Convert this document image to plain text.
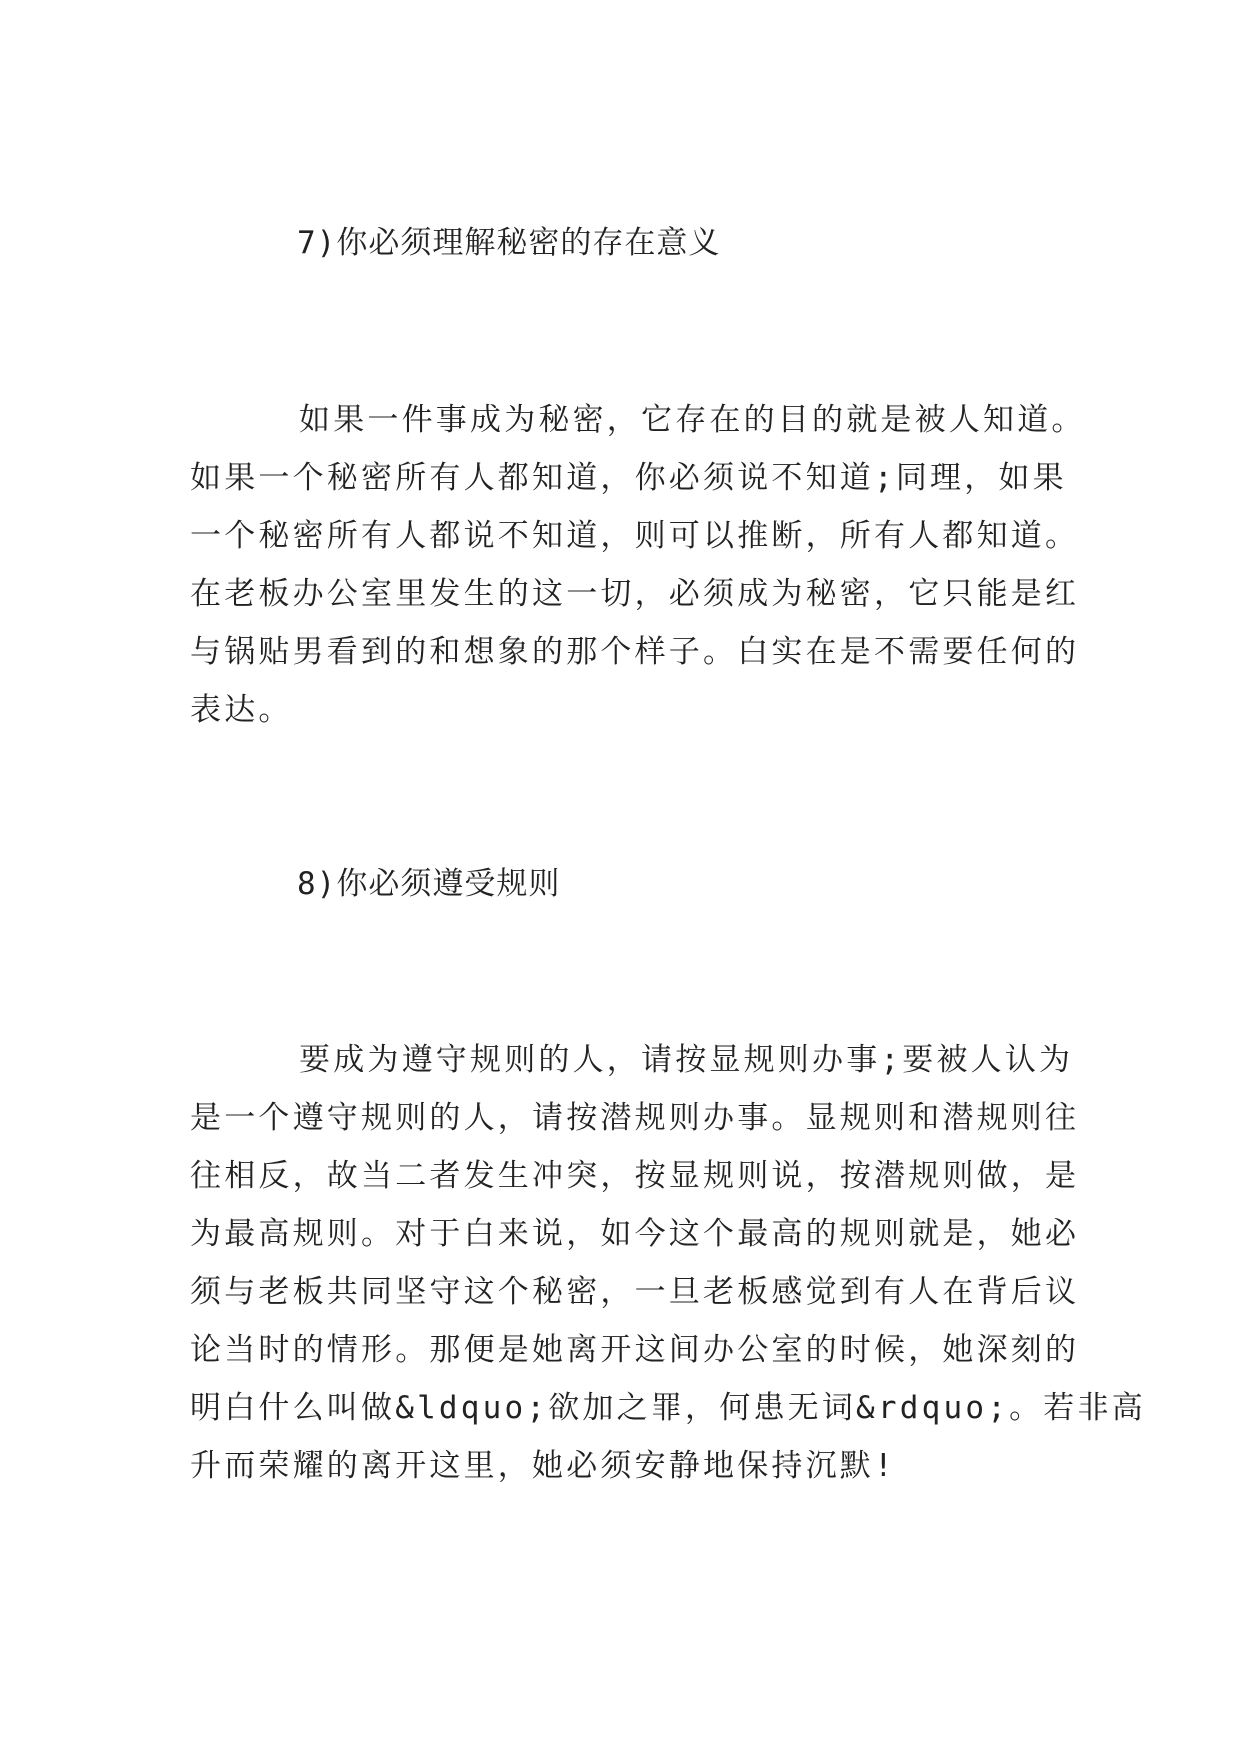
7)你必须理解秘密的存在意义
如果一件事成为秘密，它存在的目的就是被人知道。
如果一个秘密所有人都知道，你必须说不知道;同理，如果
一个秘密所有人都说不知道，则可以推断，所有人都知道。
在老板办公室里发生的这一切，必须成为秘密，它只能是红
与锅贴男看到的和想象的那个样子。白实在是不需要任何的
表达。
8)你必须遵受规则
要成为遵守规则的人，请按显规则办事;要被人认为
是一个遵守规则的人，请按潜规则办事。显规则和潜规则往
往相反，故当二者发生冲突，按显规则说，按潜规则做，是
为最高规则。对于白来说，如今这个最高的规则就是，她必
须与老板共同坚守这个秘密，一旦老板感觉到有人在背后议
论当时的情形。那便是她离开这间办公室的时候，她深刻的
明白什么叫做&ldquo;欲加之罪，何患无词&rdquo;。若非高
升而荣耀的离开这里，她必须安静地保持沉默!
